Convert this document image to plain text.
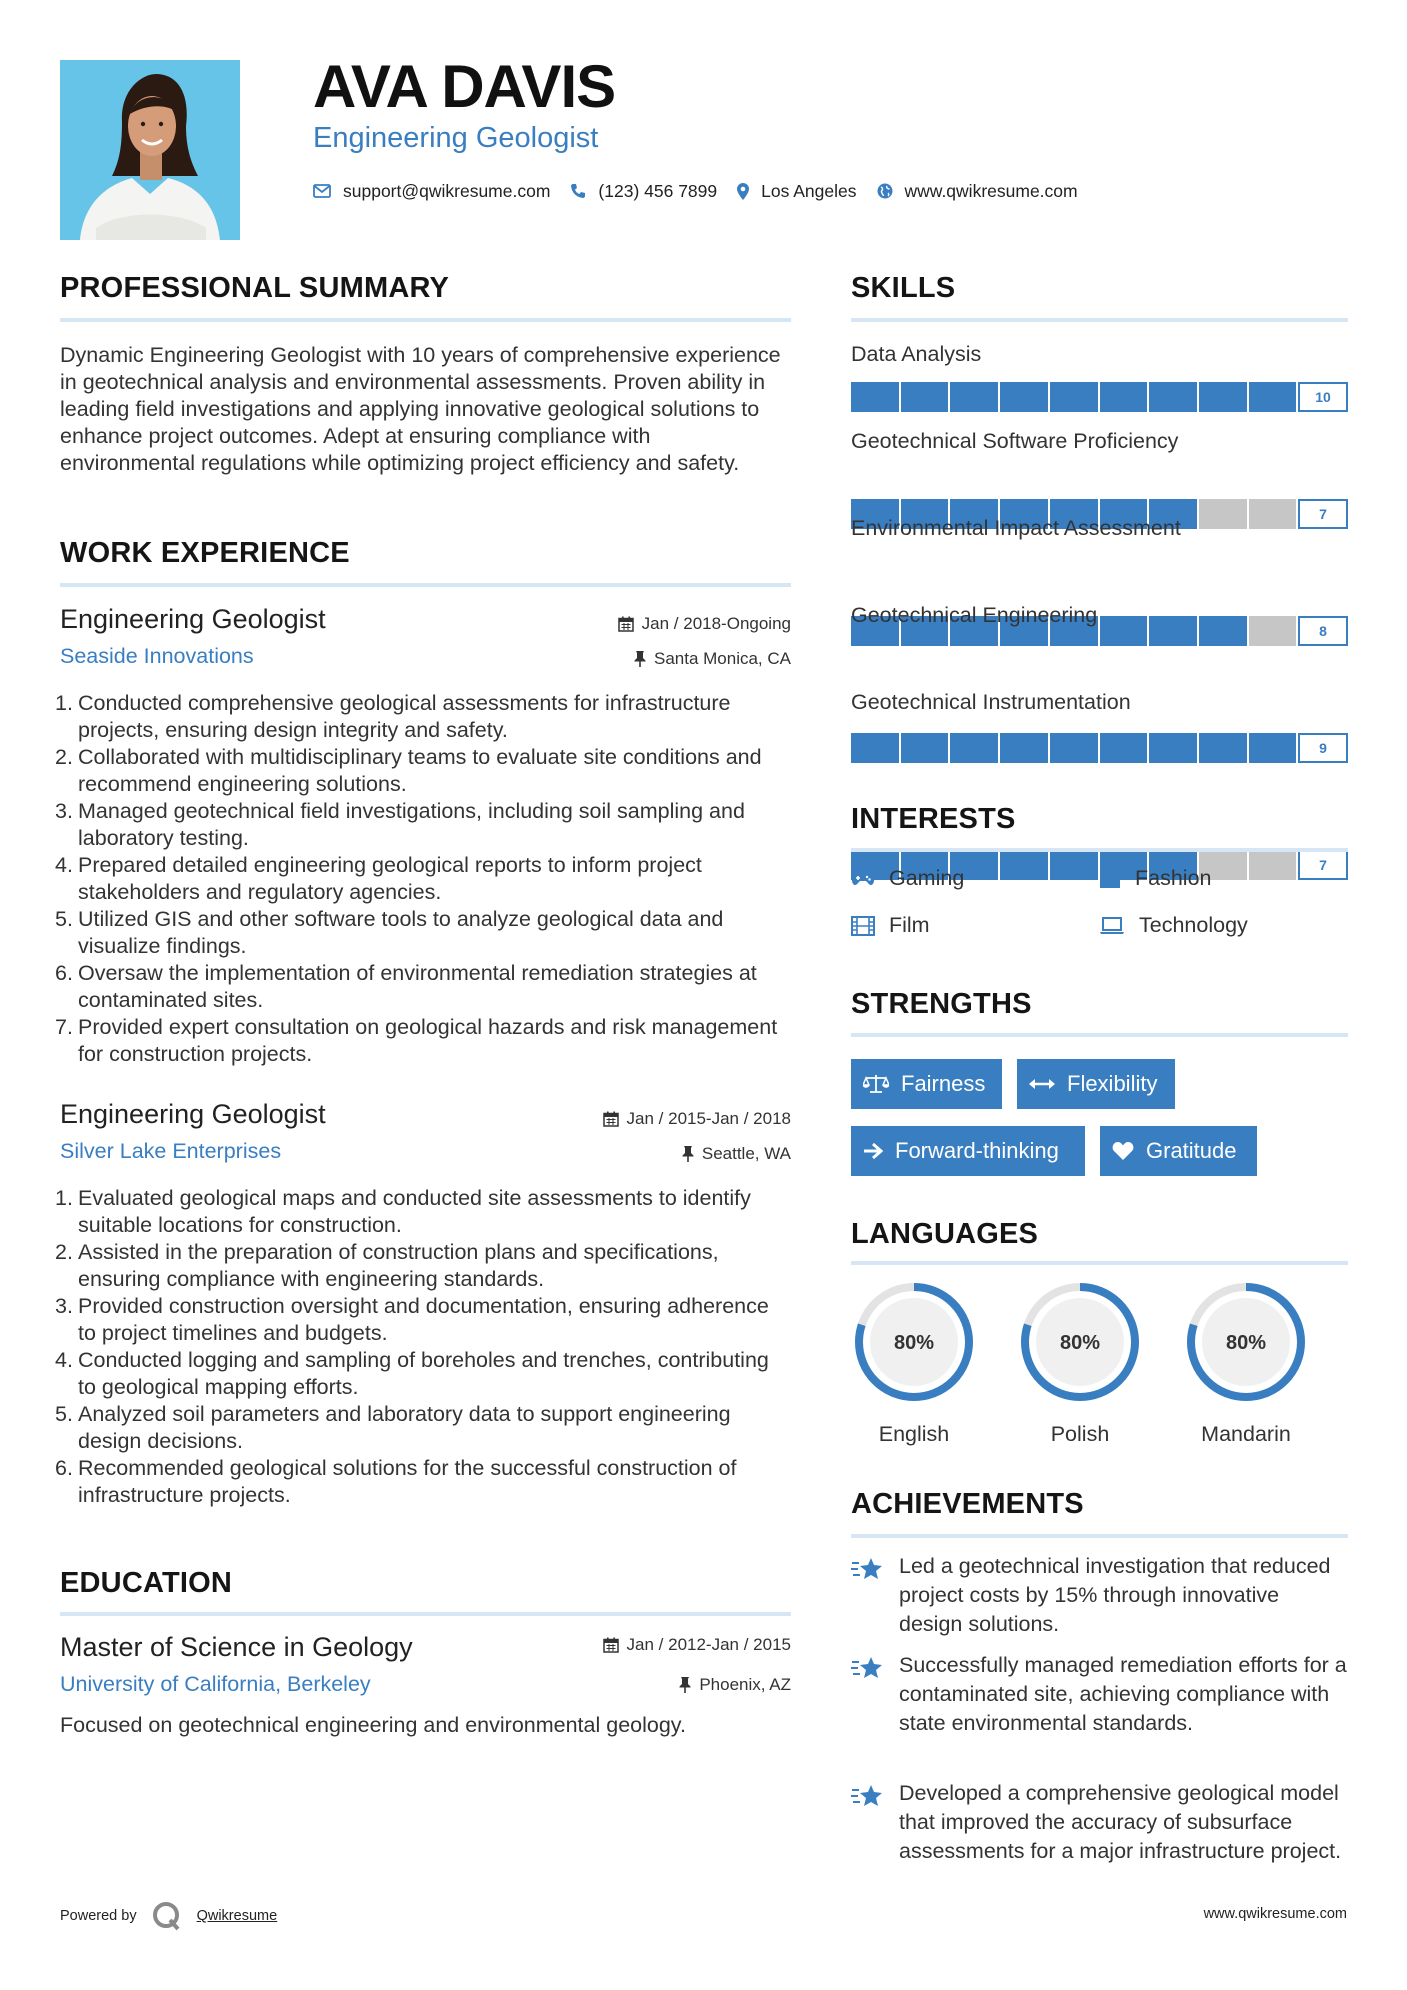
AVA DAVIS
Engineering Geologist
support@qwikresume.com	(123) 456 7899	Los Angeles	www.qwikresume.com
PROFESSIONAL SUMMARY
Dynamic Engineering Geologist with 10 years of comprehensive experience in geotechnical analysis and environmental assessments. Proven ability in leading field investigations and applying innovative geological solutions to enhance project outcomes. Adept at ensuring compliance with environmental regulations while optimizing project efficiency and safety.
WORK EXPERIENCE
Engineering Geologist
Seaside Innovations
Jan / 2018-Ongoing
Santa Monica, CA
1. Conducted comprehensive geological assessments for infrastructure projects, ensuring design integrity and safety.
2. Collaborated with multidisciplinary teams to evaluate site conditions and recommend engineering solutions.
3. Managed geotechnical field investigations, including soil sampling and laboratory testing.
4. Prepared detailed engineering geological reports to inform project stakeholders and regulatory agencies.
5. Utilized GIS and other software tools to analyze geological data and visualize findings.
6. Oversaw the implementation of environmental remediation strategies at contaminated sites.
7. Provided expert consultation on geological hazards and risk management for construction projects.
Engineering Geologist
Silver Lake Enterprises
Jan / 2015-Jan / 2018
Seattle, WA
1. Evaluated geological maps and conducted site assessments to identify suitable locations for construction.
2. Assisted in the preparation of construction plans and specifications, ensuring compliance with engineering standards.
3. Provided construction oversight and documentation, ensuring adherence to project timelines and budgets.
4. Conducted logging and sampling of boreholes and trenches, contributing to geological mapping efforts.
5. Analyzed soil parameters and laboratory data to support engineering design decisions.
6. Recommended geological solutions for the successful construction of infrastructure projects.
EDUCATION
Master of Science in Geology
University of California, Berkeley
Jan / 2012-Jan / 2015
Phoenix, AZ
Focused on geotechnical engineering and environmental geology.
SKILLS
Data Analysis
10
Geotechnical Software Proficiency
7
Environmental Impact Assessment
8
Geotechnical Engineering
9
Geotechnical Instrumentation
7
INTERESTS
Gaming	Fashion
Film	Technology
STRENGTHS
Fairness	Flexibility
Forward-thinking	Gratitude
LANGUAGES
80%
English
80%
Polish
80%
Mandarin
ACHIEVEMENTS
Led a geotechnical investigation that reduced project costs by 15% through innovative design solutions.
Successfully managed remediation efforts for a contaminated site, achieving compliance with state environmental standards.
Developed a comprehensive geological model that improved the accuracy of subsurface assessments for a major infrastructure project.
Powered by	Qwikresume	www.qwikresume.com
